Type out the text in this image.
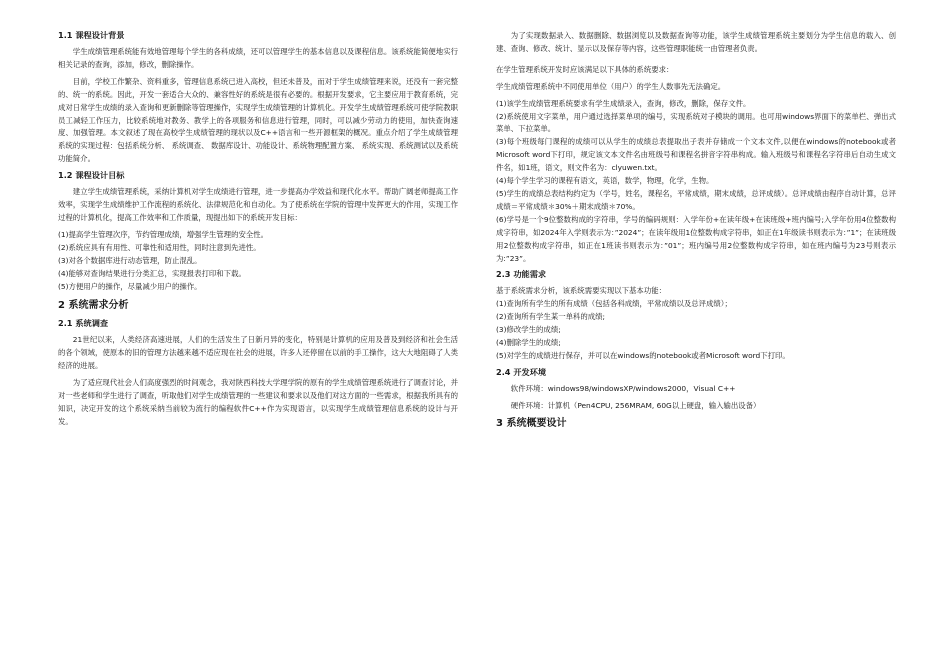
1.1 课程设计背景

学生成绩管理系统能有效地管理每个学生的各科成绩，还可以管理学生的基本信息以及课程信息。该系统能简便地实行相关记录的查询，添加，修改，删除操作。

目前，学校工作繁杂、资料重多，管理信息系统已进入高校，但还未普及，而对于学生成绩管理来说，还没有一套完整的、统一的系统。因此，开发一套适合大众的、兼容性好的系统是很有必要的。根据开发要求，它主要应用于教育系统，完成对日常学生成绩的录入查询和更新删除等管理操作，实现学生成绩管理的计算机化。开发学生成绩管理系统可使学院教职员工减轻工作压力，比较系统地对教务、教学上的各项服务和信息进行管理，同时，可以减少劳动力的使用，加快查询速度、加强管理。本文叙述了现在高校学生成绩管理的现状以及C++语言和一些开源框架的概况。重点介绍了学生成绩管理系统的实现过程：包括系统分析、 系统调查、 数据库设计、功能设计、系统物理配置方案、 系统实现、系统测试以及系统功能简介。

1.2 课程设计目标

建立学生成绩管理系统，采纳计算机对学生成绩进行管理，进一步提高办学效益和现代化水平。帮助广阔老师提高工作效率，实现学生成绩维护工作流程的系统化、法律规范化和自动化。为了使系统在学院的管理中发挥更大的作用，实现工作过程的计算机化，提高工作效率和工作质量，现提出如下的系统开发目标：

(1)提高学生管理次序，节约管理成绩，增强学生管理的安全性。
(2)系统应具有有用性、可靠性和适用性，同时注意到先进性。
(3)对各个数据库进行动态管理，防止混乱。
(4)能够对查询结果进行分类汇总，实现报表打印和下载。
(5)方便用户的操作，尽量减少用户的操作。
2 系统需求分析
2.1 系统调查

21世纪以来，人类经济高速进展，人们的生活发生了日新月异的变化，特别是计算机的应用及普及到经济和社会生活的各个领域，使原本的旧的管理方法越来越不适应现在社会的进展，许多人还停留在以前的手工操作，这大大地阻碍了人类经济的进展。

为了适应现代社会人们高度强烈的时间观念，我对陕西科技大学理学院的原有的学生成绩管理系统进行了调查讨论，并对一些老师和学生进行了调查，听取他们对学生成绩管理的一些建议和要求以及他们对这方面的一些需求，根据我所具有的知识，决定开发的这个系统采纳当前较为流行的编程软件C++作为实现语言，以实现学生成绩管理信息系统的设计与开发。

为了实现数据录入、数据删除、数据浏览以及数据查询等功能，该学生成绩管理系统主要划分为学生信息的载入、创建、查询、修改、统计、显示以及保存等内容，这些管理职能统一由管理者负责。

在学生管理系统开发时应该满足以下具体的系统要求：
学生成绩管理系统中不同使用单位（用户）的学生人数事先无法确定。
(1)该学生成绩管理系统要求有学生成绩录入，查询，修改，删除，保存文件。
(2)系统使用文字菜单，用户通过选择菜单项的编号，实现系统对子模块的调用。也可用windows界面下的菜单栏、弹出式菜单、下拉菜单。
(3)每个班级每门课程的成绩可以从学生的成绩总表提取出子表并存储成一个文本文件,以便在windows的notebook或者Microsoft word下打印，规定该文本文件名由班级号和课程名拼音字符串构成。输入班级号和课程名字符串后自动生成文件名，如1班，语文，则文件名为：clyuwen.txt。
(4)每个学生学习的课程有语文，英语，数学，物理，化学，生物。
(5)学生的成绩总表结构约定为（学号，姓名，课程名，平常成绩，期末成绩，总评成绩）。总评成绩由程序自动计算，总评成绩＝平常成绩＊30%＋期末成绩＊70%。
(6)学号是一个9位整数构成的字符串，学号的编码规则：入学年份+在读年级+在读班级+班内编号;入学年份用4位整数构成字符串，如2024年入学则表示为：”2024”；在读年级用1位整数构成字符串，如正在1年级读书则表示为：”1”；在读班级用2位整数构成字符串，如正在1班读书则表示为：”01”；班内编号用2位整数构成字符串，如在班内编号为23号则表示为:”23”。
2.3 功能需求
基于系统需求分析，该系统需要实现以下基本功能：
(1)查询所有学生的所有成绩（包括各科成绩，平常成绩以及总评成绩）；
(2)查询所有学生某一单科的成绩;
(3)修改学生的成绩;
(4)删除学生的成绩;
(5)对学生的成绩进行保存，并可以在windows的notebook或者Microsoft word下打印。
2.4 开发环境

软件环境：windows98/windowsXP/windows2000，Visual C++

硬件环境：计算机（Pen4CPU, 256MRAM, 60G以上硬盘，输入输出设备）

3 系统概要设计
